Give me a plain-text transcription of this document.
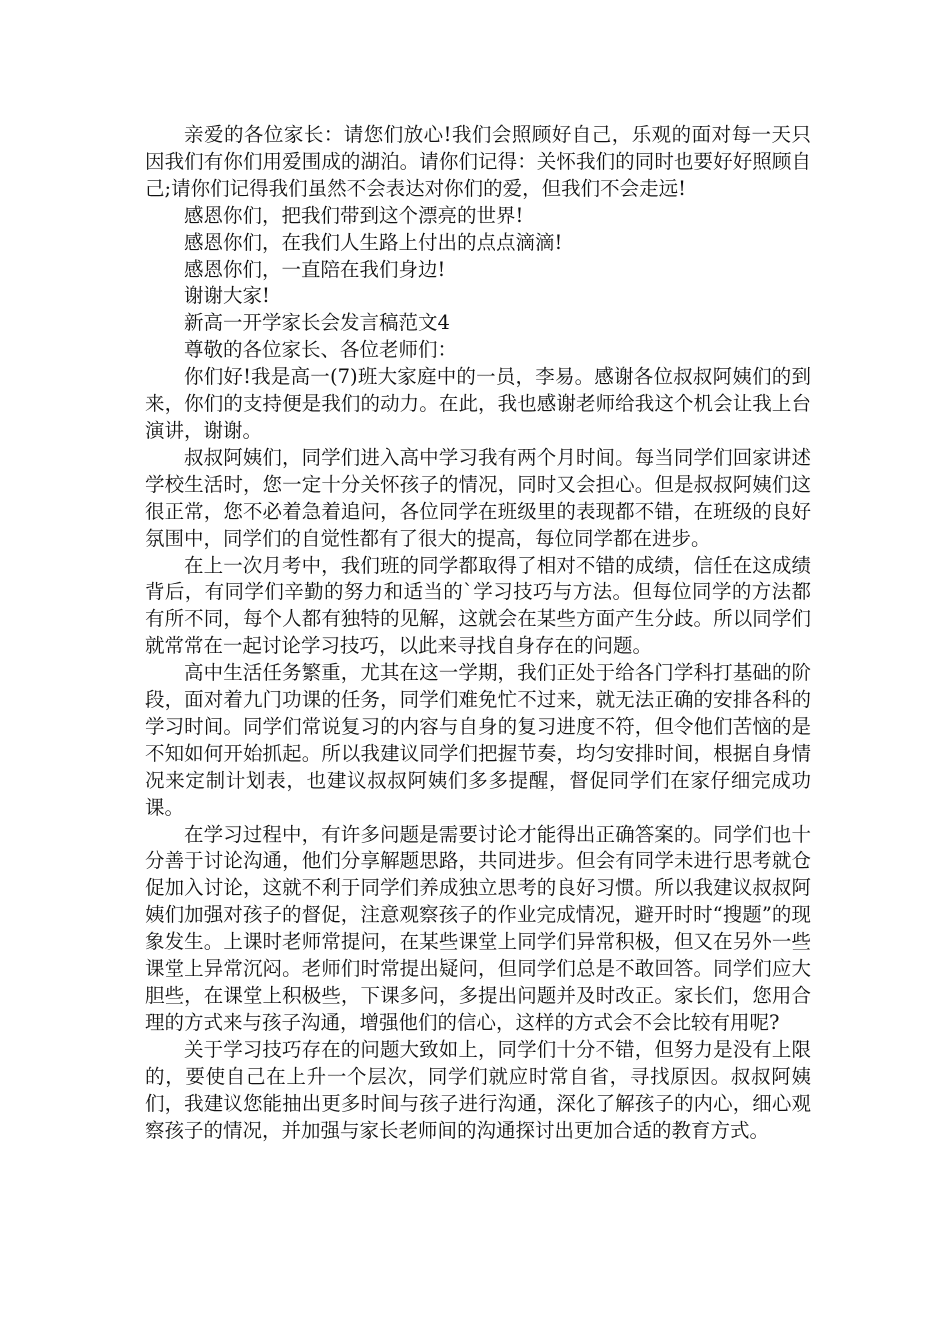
亲爱的各位家长：请您们放心!我们会照顾好自己，乐观的面对每一天只因我们有你们用爱围成的湖泊。请你们记得：关怀我们的同时也要好好照顾自己;请你们记得我们虽然不会表达对你们的爱，但我们不会走远!

感恩你们，把我们带到这个漂亮的世界!

感恩你们，在我们人生路上付出的点点滴滴!

感恩你们，一直陪在我们身边!

谢谢大家!

新高一开学家长会发言稿范文4

尊敬的各位家长、各位老师们：

你们好!我是高一(7)班大家庭中的一员，李易。感谢各位叔叔阿姨们的到来，你们的支持便是我们的动力。在此，我也感谢老师给我这个机会让我上台演讲，谢谢。

叔叔阿姨们，同学们进入高中学习我有两个月时间。每当同学们回家讲述学校生活时，您一定十分关怀孩子的情况，同时又会担心。但是叔叔阿姨们这很正常，您不必着急着追问，各位同学在班级里的表现都不错，在班级的良好氛围中，同学们的自觉性都有了很大的提高，每位同学都在进步。

在上一次月考中，我们班的同学都取得了相对不错的成绩，信任在这成绩背后，有同学们辛勤的努力和适当的`学习技巧与方法。但每位同学的方法都有所不同，每个人都有独特的见解，这就会在某些方面产生分歧。所以同学们就常常在一起讨论学习技巧，以此来寻找自身存在的问题。

高中生活任务繁重，尤其在这一学期，我们正处于给各门学科打基础的阶段，面对着九门功课的任务，同学们难免忙不过来，就无法正确的安排各科的学习时间。同学们常说复习的内容与自身的复习进度不符，但令他们苦恼的是不知如何开始抓起。所以我建议同学们把握节奏，均匀安排时间，根据自身情况来定制计划表，也建议叔叔阿姨们多多提醒，督促同学们在家仔细完成功课。

在学习过程中，有许多问题是需要讨论才能得出正确答案的。同学们也十分善于讨论沟通，他们分享解题思路，共同进步。但会有同学未进行思考就仓促加入讨论，这就不利于同学们养成独立思考的良好习惯。所以我建议叔叔阿姨们加强对孩子的督促，注意观察孩子的作业完成情况，避开时时“搜题”的现象发生。上课时老师常提问，在某些课堂上同学们异常积极，但又在另外一些课堂上异常沉闷。老师们时常提出疑问，但同学们总是不敢回答。同学们应大胆些，在课堂上积极些，下课多问，多提出问题并及时改正。家长们，您用合理的方式来与孩子沟通，增强他们的信心，这样的方式会不会比较有用呢?

关于学习技巧存在的问题大致如上，同学们十分不错，但努力是没有上限的，要使自己在上升一个层次，同学们就应时常自省，寻找原因。叔叔阿姨们，我建议您能抽出更多时间与孩子进行沟通，深化了解孩子的内心，细心观察孩子的情况，并加强与家长老师间的沟通探讨出更加合适的教育方式。
